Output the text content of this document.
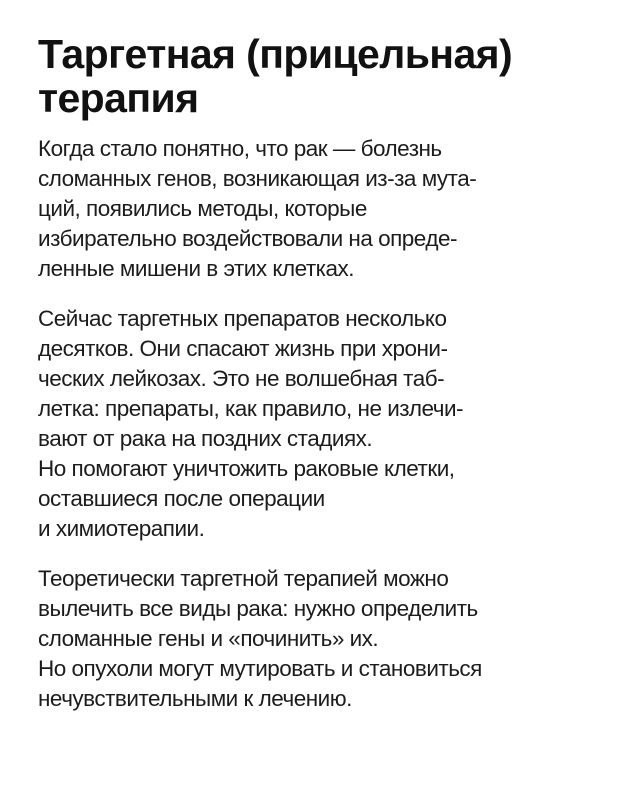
Таргетная (прицельная)
терапия

Когда стало понятно, что рак — болезнь
сломанных генов, возникающая из-за мута-
ций, появились методы, которые
избирательно воздействовали на опреде-
ленные мишени в этих клетках.

Сейчас таргетных препаратов несколько
десятков. Они спасают жизнь при хрони-
ческих лейкозах. Это не волшебная таб-
летка: препараты, как правило, не излечи-
вают от рака на поздних стадиях.
Но помогают уничтожить раковые клетки,
оставшиеся после операции
и химиотерапии.

Теоретически таргетной терапией можно
вылечить все виды рака: нужно определить
сломанные гены и «починить» их.
Но опухоли могут мутировать и становиться
нечувствительными к лечению.
